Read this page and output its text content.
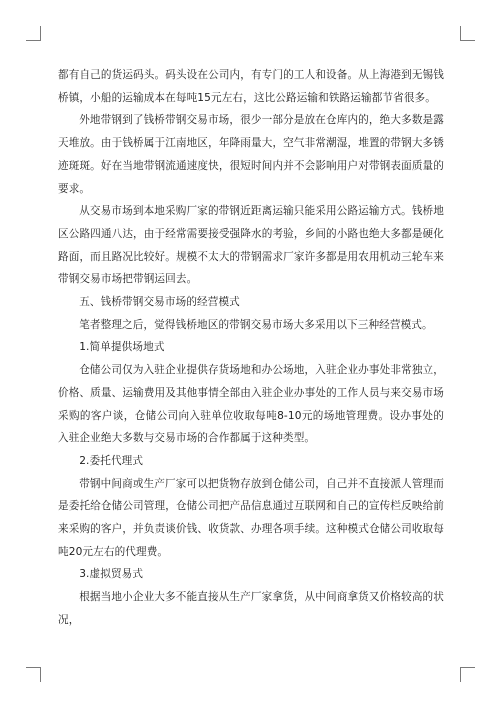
都有自己的货运码头。码头设在公司内，有专门的工人和设备。从上海港到无锡钱桥镇，小船的运输成本在每吨15元左右，这比公路运输和铁路运输都节省很多。

外地带钢到了钱桥带钢交易市场，很少一部分是放在仓库内的，绝大多数是露天堆放。由于钱桥属于江南地区，年降雨量大，空气非常潮湿，堆置的带钢大多锈迹斑斑。好在当地带钢流通速度快，很短时间内并不会影响用户对带钢表面质量的要求。

从交易市场到本地采购厂家的带钢近距离运输只能采用公路运输方式。钱桥地区公路四通八达，由于经常需要接受强降水的考验，乡间的小路也绝大多都是硬化路面，而且路况比较好。规模不太大的带钢需求厂家许多都是用农用机动三轮车来带钢交易市场把带钢运回去。

五、钱桥带钢交易市场的经营模式

笔者整理之后，觉得钱桥地区的带钢交易市场大多采用以下三种经营模式。

1.简单提供场地式

仓储公司仅为入驻企业提供存货场地和办公场地，入驻企业办事处非常独立，价格、质量、运输费用及其他事情全部由入驻企业办事处的工作人员与来交易市场采购的客户谈，仓储公司向入驻单位收取每吨8-10元的场地管理费。设办事处的入驻企业绝大多数与交易市场的合作都属于这种类型。

2.委托代理式

带钢中间商或生产厂家可以把货物存放到仓储公司，自己并不直接派人管理而是委托给仓储公司管理，仓储公司把产品信息通过互联网和自己的宣传栏反映给前来采购的客户，并负责谈价钱、收货款、办理各项手续。这种模式仓储公司收取每吨20元左右的代理费。

3.虚拟贸易式

根据当地小企业大多不能直接从生产厂家拿货，从中间商拿货又价格较高的状况，
